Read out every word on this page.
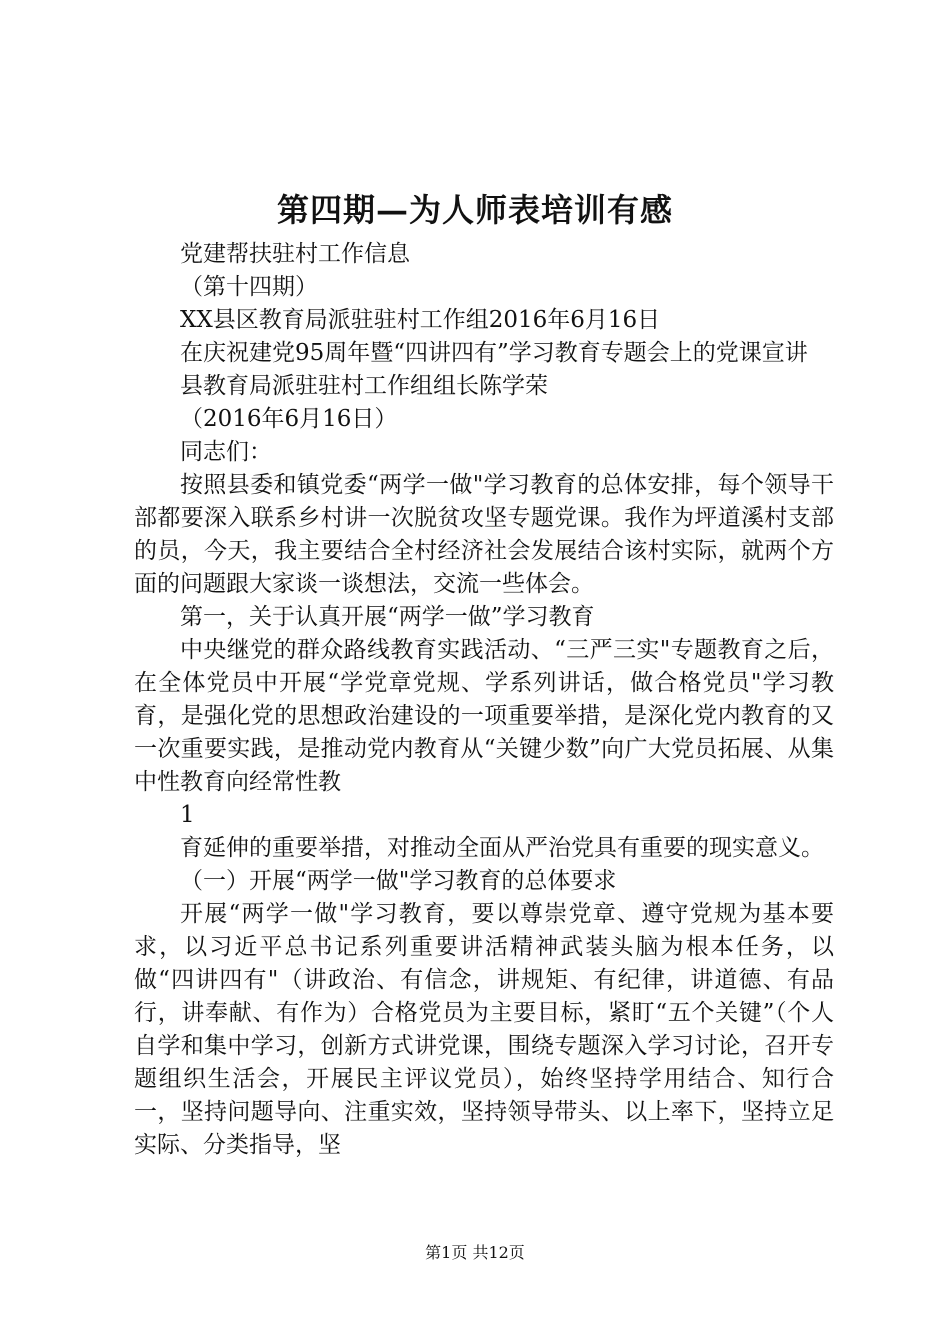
第四期—为人师表培训有感

党建帮扶驻村工作信息

（第十四期）

XX县区教育局派驻驻村工作组2016年6月16日

在庆祝建党95周年暨“四讲四有”学习教育专题会上的党课宣讲

县教育局派驻驻村工作组组长陈学荣

（2016年6月16日）

同志们：

按照县委和镇党委“两学一做"学习教育的总体安排，每个领导干部都要深入联系乡村讲一次脱贫攻坚专题党课。我作为坪道溪村支部的员，今天，我主要结合全村经济社会发展结合该村实际，就两个方面的问题跟大家谈一谈想法，交流一些体会。

第一，关于认真开展“两学一做”学习教育

中央继党的群众路线教育实践活动、“三严三实"专题教育之后，在全体党员中开展“学党章党规、学系列讲话，做合格党员"学习教育，是强化党的思想政治建设的一项重要举措，是深化党内教育的又一次重要实践，是推动党内教育从“关键少数”向广大党员拓展、从集中性教育向经常性教

1

育延伸的重要举措，对推动全面从严治党具有重要的现实意义。

（一）开展“两学一做"学习教育的总体要求

开展“两学一做"学习教育，要以尊崇党章、遵守党规为基本要求，以习近平总书记系列重要讲活精神武装头脑为根本任务，以做“四讲四有"（讲政治、有信念，讲规矩、有纪律，讲道德、有品行，讲奉献、有作为）合格党员为主要目标，紧盯“五个关键”（个人自学和集中学习，创新方式讲党课，围绕专题深入学习讨论，召开专题组织生活会，开展民主评议党员），始终坚持学用结合、知行合一，坚持问题导向、注重实效，坚持领导带头、以上率下，坚持立足实际、分类指导，坚

第1页 共12页
